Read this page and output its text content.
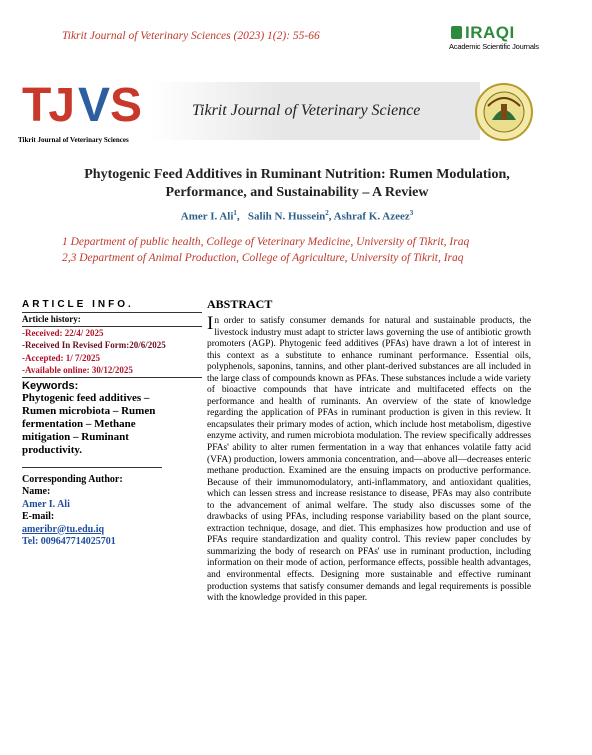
Tikrit Journal of Veterinary Sciences (2023) 1(2): 55-66	IRAQI
Academic Scientific Journals
TJ V S
Tikrit Journal of Veterinary Sciences
Tikrit Journal of Veterinary Science
Phytogenic Feed Additives in Ruminant Nutrition: Rumen Modulation, Performance, and Sustainability – A Review
Amer I. Ali$^1$,   Salih N. Hussein$^2$, Ashraf K. Azeez$^3$
1 Department of public health, College of Veterinary Medicine, University of Tikrit, Iraq
2,3 Department of Animal Production, College of Agriculture, University of Tikrit, Iraq
ARTICLE INFO.
Article history:
-Received: 22/4/ 2025
-Received In Revised Form:20/6/2025
-Accepted: 1/ 7/2025
-Available online: 30/12/2025
Keywords:
Phytogenic feed additives – Rumen microbiota – Rumen fermentation – Methane mitigation – Ruminant productivity.
Corresponding Author:
Name:
Amer I. Ali
E-mail:
ameribr@tu.edu.iq
Tel: 009647714025701
ABSTRACT
In order to satisfy consumer demands for natural and sustainable products, the livestock industry must adapt to stricter laws governing the use of antibiotic growth promoters (AGP). Phytogenic feed additives (PFAs) have drawn a lot of interest in this context as a substitute to enhance ruminant performance. Essential oils, polyphenols, saponins, tannins, and other plant-derived substances are all included in the large class of compounds known as PFAs. These substances include a wide variety of bioactive compounds that have intricate and multifaceted effects on the performance and health of ruminants. An overview of the state of knowledge regarding the application of PFAs in ruminant production is given in this review. It encapsulates their primary modes of action, which include host metabolism, digestive enzyme activity, and rumen microbiota modulation. The review specifically addresses PFAs' ability to alter rumen fermentation in a way that enhances volatile fatty acid (VFA) production, lowers ammonia concentration, and—above all—decreases enteric methane production. Examined are the ensuing impacts on productive performance. Because of their immunomodulatory, anti-inflammatory, and antioxidant qualities, which can lessen stress and increase resistance to disease, PFAs may also contribute to the advancement of animal welfare. The study also discusses some of the drawbacks of using PFAs, including response variability based on the plant source, extraction technique, dosage, and diet. This emphasizes how production and use of PFAs require standardization and quality control. This review paper concludes by summarizing the body of research on PFAs' use in ruminant production, including information on their mode of action, performance effects, possible health advantages, and environmental effects. Designing more sustainable and effective ruminant production systems that satisfy consumer demands and legal requirements is possible with the knowledge provided in this paper.
